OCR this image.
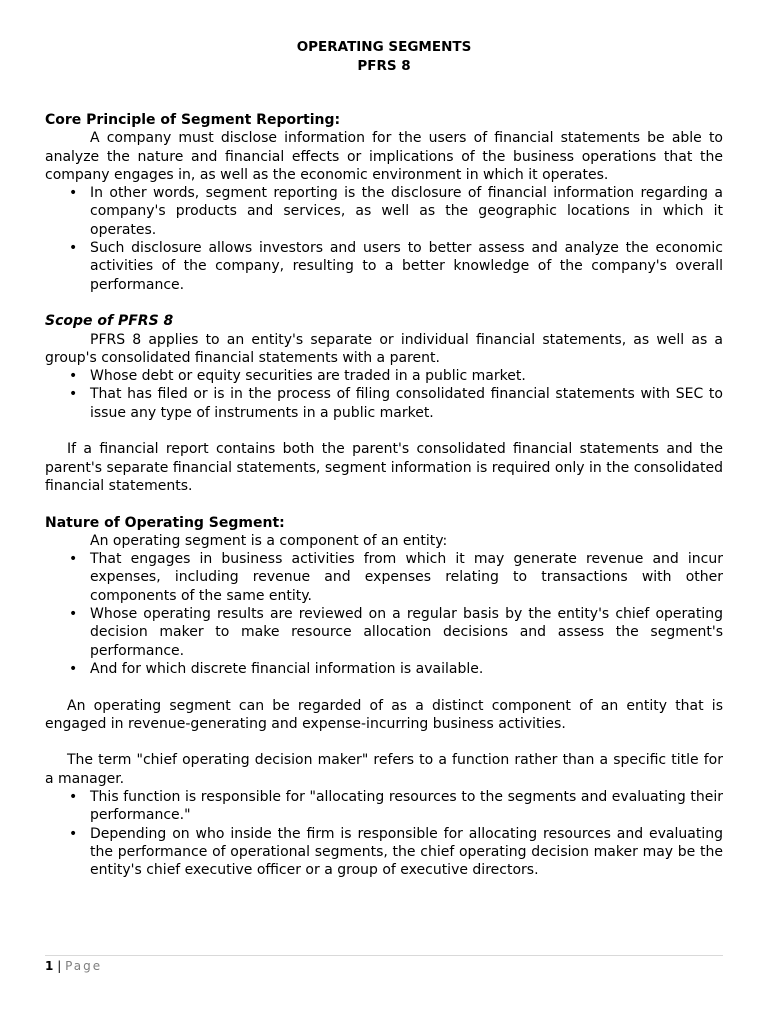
OPERATING SEGMENTS
PFRS 8

Core Principle of Segment Reporting:

A company must disclose information for the users of financial statements be able to analyze the nature and financial effects or implications of the business operations that the company engages in, as well as the economic environment in which it operates.

• In other words, segment reporting is the disclosure of financial information regarding a company's products and services, as well as the geographic locations in which it operates.
• Such disclosure allows investors and users to better assess and analyze the economic activities of the company, resulting to a better knowledge of the company's overall performance.

Scope of PFRS 8

PFRS 8 applies to an entity's separate or individual financial statements, as well as a group's consolidated financial statements with a parent.

• Whose debt or equity securities are traded in a public market.
• That has filed or is in the process of filing consolidated financial statements with SEC to issue any type of instruments in a public market.

If a financial report contains both the parent's consolidated financial statements and the parent's separate financial statements, segment information is required only in the consolidated financial statements.

Nature of Operating Segment:

An operating segment is a component of an entity:

• That engages in business activities from which it may generate revenue and incur expenses, including revenue and expenses relating to transactions with other components of the same entity.
• Whose operating results are reviewed on a regular basis by the entity's chief operating decision maker to make resource allocation decisions and assess the segment's performance.
• And for which discrete financial information is available.

An operating segment can be regarded of as a distinct component of an entity that is engaged in revenue-generating and expense-incurring business activities.

The term "chief operating decision maker" refers to a function rather than a specific title for a manager.

• This function is responsible for "allocating resources to the segments and evaluating their performance."
• Depending on who inside the firm is responsible for allocating resources and evaluating the performance of operational segments, the chief operating decision maker may be the entity's chief executive officer or a group of executive directors.
1 | Page
